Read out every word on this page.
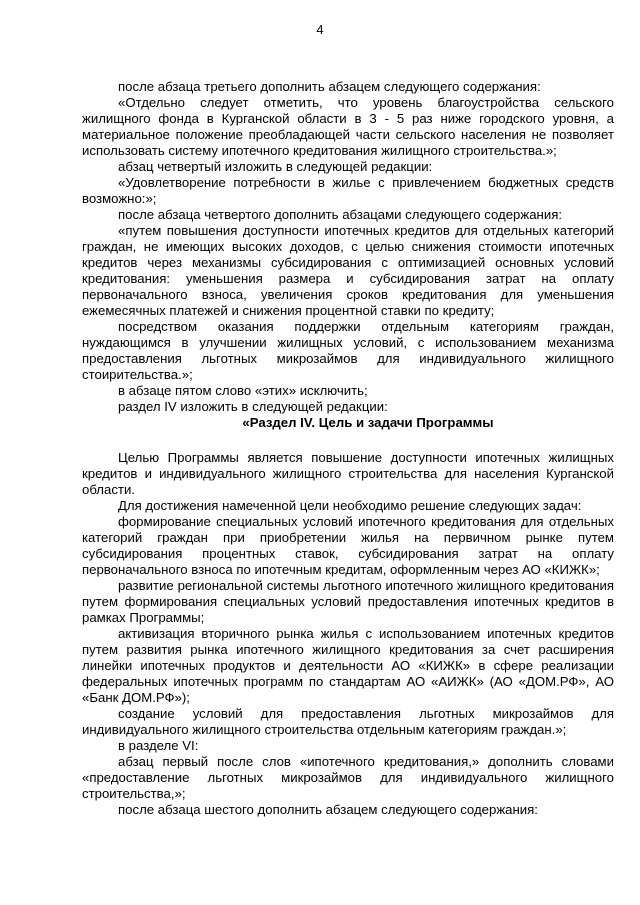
4

после абзаца третьего дополнить абзацем следующего содержания:

«Отдельно следует отметить, что уровень благоустройства сельского жилищного фонда в Курганской области в 3 - 5 раз ниже городского уровня, а материальное положение преобладающей части сельского населения не позволяет использовать систему ипотечного кредитования жилищного строительства.»;

абзац четвертый изложить в следующей редакции:

«Удовлетворение потребности в жилье с привлечением бюджетных средств возможно:»;

после абзаца четвертого дополнить абзацами следующего содержания:

«путем повышения доступности ипотечных кредитов для отдельных категорий граждан, не имеющих высоких доходов, с целью снижения стоимости ипотечных кредитов через механизмы субсидирования с оптимизацией основных условий кредитования: уменьшения размера и субсидирования затрат на оплату первоначального взноса, увеличения сроков кредитования для уменьшения ежемесячных платежей и снижения процентной ставки по кредиту;

посредством оказания поддержки отдельным категориям граждан, нуждающимся в улучшении жилищных условий, с использованием механизма предоставления льготных микрозаймов для индивидуального жилищного стоирительства.»;

в абзаце пятом слово «этих» исключить;

раздел IV изложить в следующей редакции:

«Раздел IV. Цель и задачи Программы

Целью Программы является повышение доступности ипотечных жилищных кредитов и индивидуального жилищного строительства для населения Курганской области.

Для достижения намеченной цели необходимо решение следующих задач:

формирование специальных условий ипотечного кредитования для отдельных категорий граждан при приобретении жилья на первичном рынке путем субсидирования процентных ставок, субсидирования затрат на оплату первоначального взноса по ипотечным кредитам, оформленным через АО «КИЖК»;

развитие региональной системы льготного ипотечного жилищного кредитования путем формирования специальных условий предоставления ипотечных кредитов в рамках Программы;

активизация вторичного рынка жилья с использованием ипотечных кредитов путем развития рынка ипотечного жилищного кредитования за счет расширения линейки ипотечных продуктов и деятельности АО «КИЖК» в сфере реализации федеральных ипотечных программ по стандартам АО «АИЖК» (АО «ДОМ.РФ», АО «Банк ДОМ.РФ»);

создание условий для предоставления льготных микрозаймов для индивидуального жилищного строительства отдельным категориям граждан.»;

в разделе VI:

абзац первый после слов «ипотечного кредитования,» дополнить словами «предоставление льготных микрозаймов для индивидуального жилищного строительства,»;

после абзаца шестого дополнить абзацем следующего содержания:
